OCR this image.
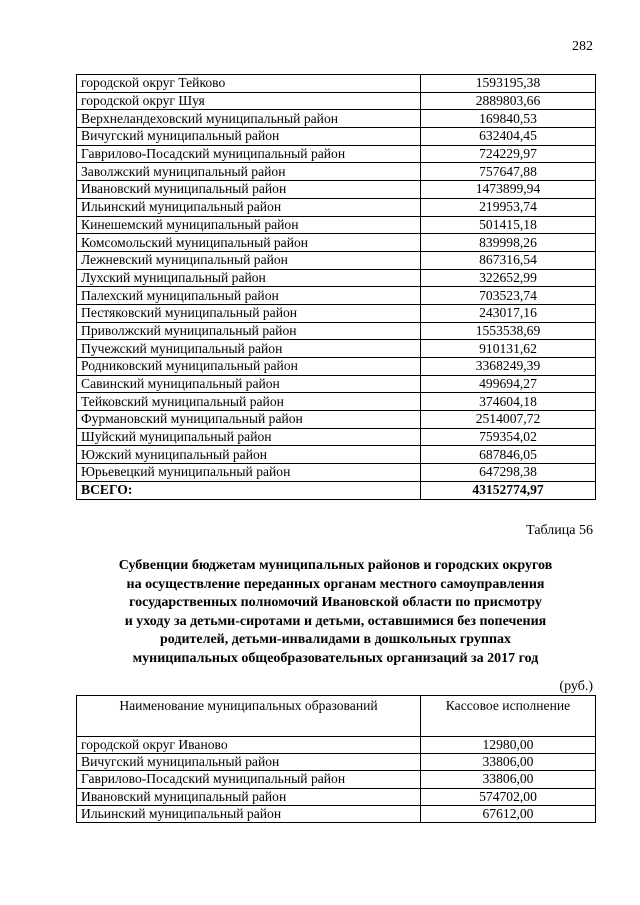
282
городской округ Тейково	1593195,38
городской округ Шуя	2889803,66
Верхнеландеховский муниципальный район	169840,53
Вичугский муниципальный район	632404,45
Гаврилово-Посадский муниципальный район	724229,97
Заволжский муниципальный район	757647,88
Ивановский муниципальный район	1473899,94
Ильинский муниципальный район	219953,74
Кинешемский муниципальный район	501415,18
Комсомольский муниципальный район	839998,26
Лежневский муниципальный район	867316,54
Лухский муниципальный район	322652,99
Палехский муниципальный район	703523,74
Пестяковский муниципальный район	243017,16
Приволжский муниципальный район	1553538,69
Пучежский муниципальный район	910131,62
Родниковский муниципальный район	3368249,39
Савинский муниципальный район	499694,27
Тейковский муниципальный район	374604,18
Фурмановский муниципальный район	2514007,72
Шуйский муниципальный район	759354,02
Южский муниципальный район	687846,05
Юрьевецкий муниципальный район	647298,38
ВСЕГО:	43152774,97
Таблица 56
Субвенции бюджетам муниципальных районов и городских округов
на осуществление переданных органам местного самоуправления
государственных полномочий Ивановской области по присмотру
и уходу за детьми-сиротами и детьми, оставшимися без попечения
родителей, детьми-инвалидами в дошкольных группах
муниципальных общеобразовательных организаций за 2017 год
(руб.)
Наименование муниципальных образований	Кассовое исполнение
городской округ Иваново	12980,00
Вичугский муниципальный район	33806,00
Гаврилово-Посадский муниципальный район	33806,00
Ивановский муниципальный район	574702,00
Ильинский муниципальный район	67612,00
